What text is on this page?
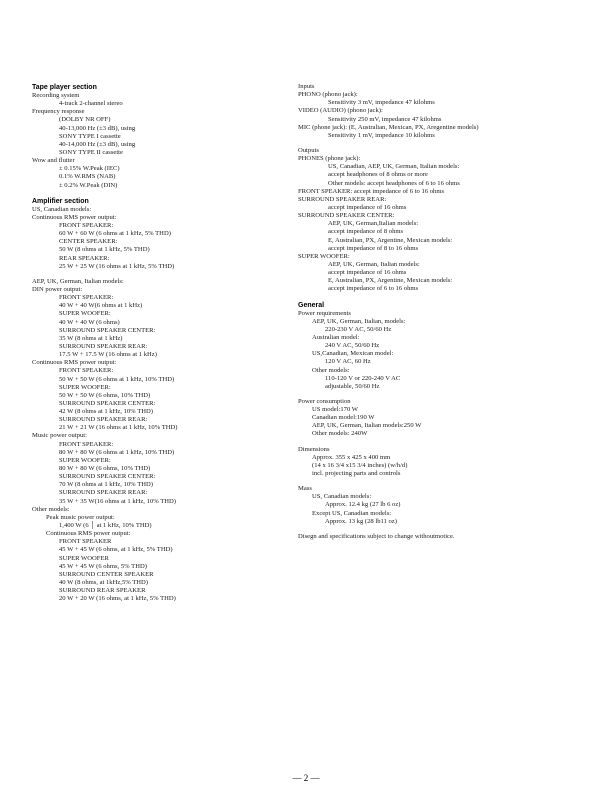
Tape player section
Recording system
4-track 2-channel stereo
Frequency response
(DOLBY NR OFF)
40-13,000 Hz (±3 dB), using
SONY TYPE I cassette
40-14,000 Hz (±3 dB), using
SONY TYPE II cassette
Wow and flutter
± 0.15% W.Peak (IEC)
0.1% W.RMS (NAB)
± 0.2% W.Peak (DIN)
Amplifier section
US, Canadian models:
Continuous RMS power output:
FRONT SPEAKER:
60 W + 60 W (6 ohms at 1 kHz, 5% THD)
CENTER SPEAKER:
50 W (8 ohms at 1 kHz, 5% THD)
REAR SPEAKER:
25 W + 25 W (16 ohms at 1 kHz, 5% THD)
AEP, UK, German, Italian models:
DIN power output:
FRONT SPEAKER:
40 W + 40 W(6 ohms at 1 kHz)
SUPER WOOFER:
40 W + 40 W (6 ohms)
SURROUND SPEAKER CENTER:
35 W (8 ohms at 1 kHz)
SURROUND SPEAKER REAR:
17.5 W + 17.5 W (16 ohms at 1 kHz)
Continuous RMS power output:
FRONT SPEAKER:
50 W + 50 W (6 ohms at 1 kHz, 10% THD)
SUPER WOOFER:
50 W + 50 W (6 ohms, 10% THD)
SURROUND SPEAKER CENTER:
42 W (8 ohms at 1 kHz, 10% THD)
SURROUND SPEAKER REAR:
21 W + 21 W (16 ohms at 1 kHz, 10% THD)
Music power output:
FRONT SPEAKER:
80 W + 80 W (6 ohms at 1 kHz, 10% THD)
SUPER WOOFER:
80 W + 80 W (6 ohms, 10% THD)
SURROUND SPEAKER CENTER:
70 W (8 ohms at 1 kHz, 10% THD)
SURROUND SPEAKER REAR:
35 W + 35 W(16 ohms at 1 kHz, 10% THD)
Other models:
Peak music power output:
1,400 W (6 │ at 1 kHz, 10% THD)
Continuous RMS power output:
FRONT SPEAKER
45 W + 45 W (6 ohms, at 1 kHz, 5% THD)
SUPER WOOFER
45 W + 45 W (6 ohms, 5% THD)
SURROUND CENTER SPEAKER
40 W (8 ohms, at 1kHz,5% THD)
SURROUND REAR SPEAKER
20 W + 20 W (16 ohms, at 1 kHz, 5% THD)
Inputs
PHONO (phono jack):
Sensitivity 3 mV, impedance 47 kilohms
VIDEO (AUDIO) (phono jack):
Sensitivity 250 mV, impedance 47 kilohms
MIC (phone jack): (E, Australian, Mexican, PX, Aregentine models)
Sensitivity 1 mV, impedance 10 kilohms
Outputs
PHONES (phone jack):
US, Canadian, AEP, UK, German, Italian models:
accept headphones of 8 ohms or more
Other models: accept headphones of 6 to 16 ohms
FRONT SPEAKER: accept impedance of 6 to 16 ohms
SURROUND SPEAKER REAR:
accept impedance of 16 ohms
SURROUND SPEAKER CENTER:
AEP, UK, German,Italian models:
accept impedance of 8 ohms
E, Australian, PX, Argentine, Mexican models:
accept impedance of 8 to 16 ohms
SUPER WOOFER:
AEP, UK, German, Italian models:
accept impedance of 16 ohms
E, Australian, PX, Argentine, Mexican models:
accept impedance of 6 to 16 ohms
General
Power requirements
AEP, UK, German, Italian, models:
220-230 V AC, 50/60 Hz
Australian model:
240 V AC, 50/60 Hz
US,Canadian, Mexican model:
120 V AC, 60 Hz
Other models:
110-120 V or 220-240 V AC
adjustable, 50/60 Hz
Power consumption
US model:170 W
Canadian model:190 W
AEP, UK, German, Italian models:250 W
Other models: 240W
Dimensions
Approx. 355 x 425 x 400 mm
(14 x 16 3/4 x15 3/4 inches) (w/h/d)
incl. projecting parts and controls
Mass
US, Canadian models:
Approx. 12.4 kg (27 lb 6 oz)
Except US, Canadian models:
Approx. 13 kg (28 lb11 oz)
Disegn and specifications subject to change withoutmotice.
— 2 —
